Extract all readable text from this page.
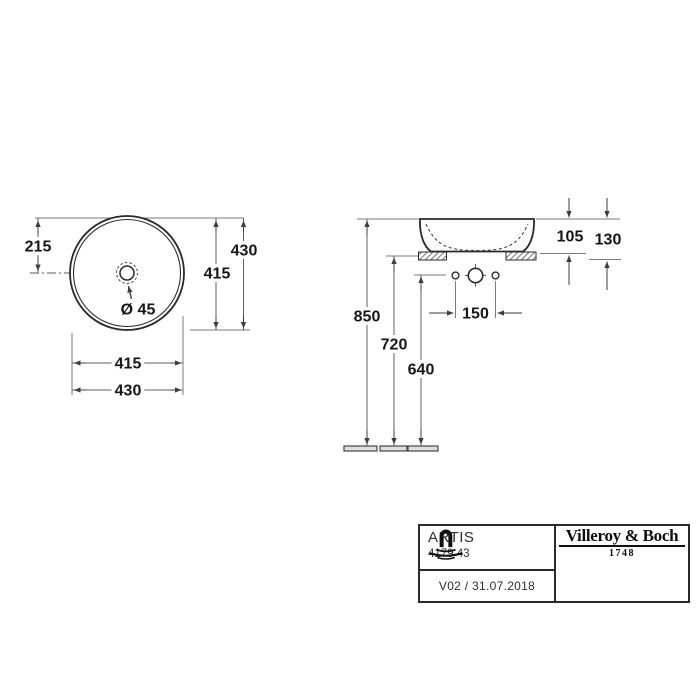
215
415
430
Ø 45
415
430
850
720
640
105 130
150
ARTIS
4179 43
V02 / 31.07.2018
Villeroy & Boch
1748
